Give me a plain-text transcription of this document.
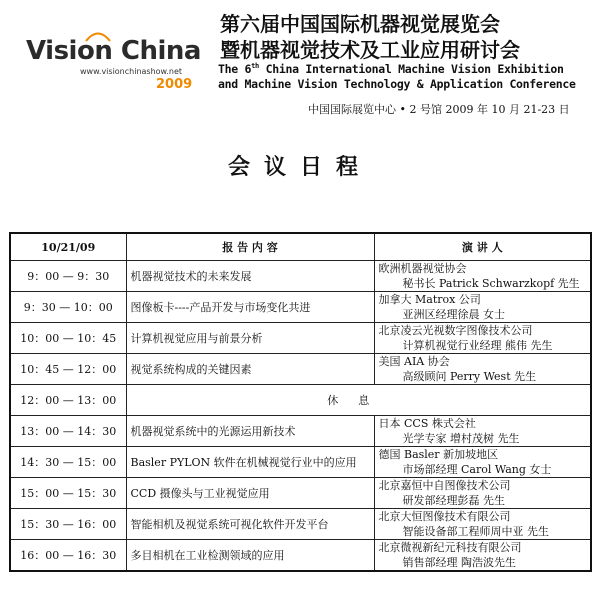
Vision China
www.visionchinashow.net
2009
第六届中国国际机器视觉展览会
暨机器视觉技术及工业应用研讨会
The 6th China International Machine Vision Exhibition
and Machine Vision Technology & Application Conference
中国国际展览中心 • 2 号馆 2009 年 10 月 21-23 日
会议日程
10/21/09	报 告 内 容	演 讲 人
9：00 — 9：30	机器视觉技术的未来发展	欧洲机器视觉协会
秘书长 Patrick Schwarzkopf 先生

9：30 — 10：00	图像板卡----产品开发与市场变化共进	加拿大 Matrox 公司
亚洲区经理徐晨 女士

10：00 — 10：45	计算机视觉应用与前景分析	北京凌云光视数字图像技术公司
计算机视觉行业经理 熊伟 先生

10：45 — 12：00	视觉系统构成的关键因素	美国 AIA 协会
高级顾问 Perry West 先生

12：00 — 13：00	休息	
13：00 — 14：30	机器视觉系统中的光源运用新技术	日本 CCS 株式会社
光学专家 增村茂树 先生

14：30 — 15：00	Basler PYLON 软件在机械视觉行业中的应用	德国 Basler 新加坡地区
市场部经理 Carol Wang 女士

15：00 — 15：30	CCD 摄像头与工业视觉应用	北京嘉恒中自图像技术公司
研发部经理彭磊 先生

15：30 — 16：00	智能相机及视觉系统可视化软件开发平台	北京大恒图像技术有限公司
智能设备部工程师周中亚 先生

16：00 — 16：30	多目相机在工业检测领域的应用	北京微视新纪元科技有限公司
销售部经理 陶浩波先生
